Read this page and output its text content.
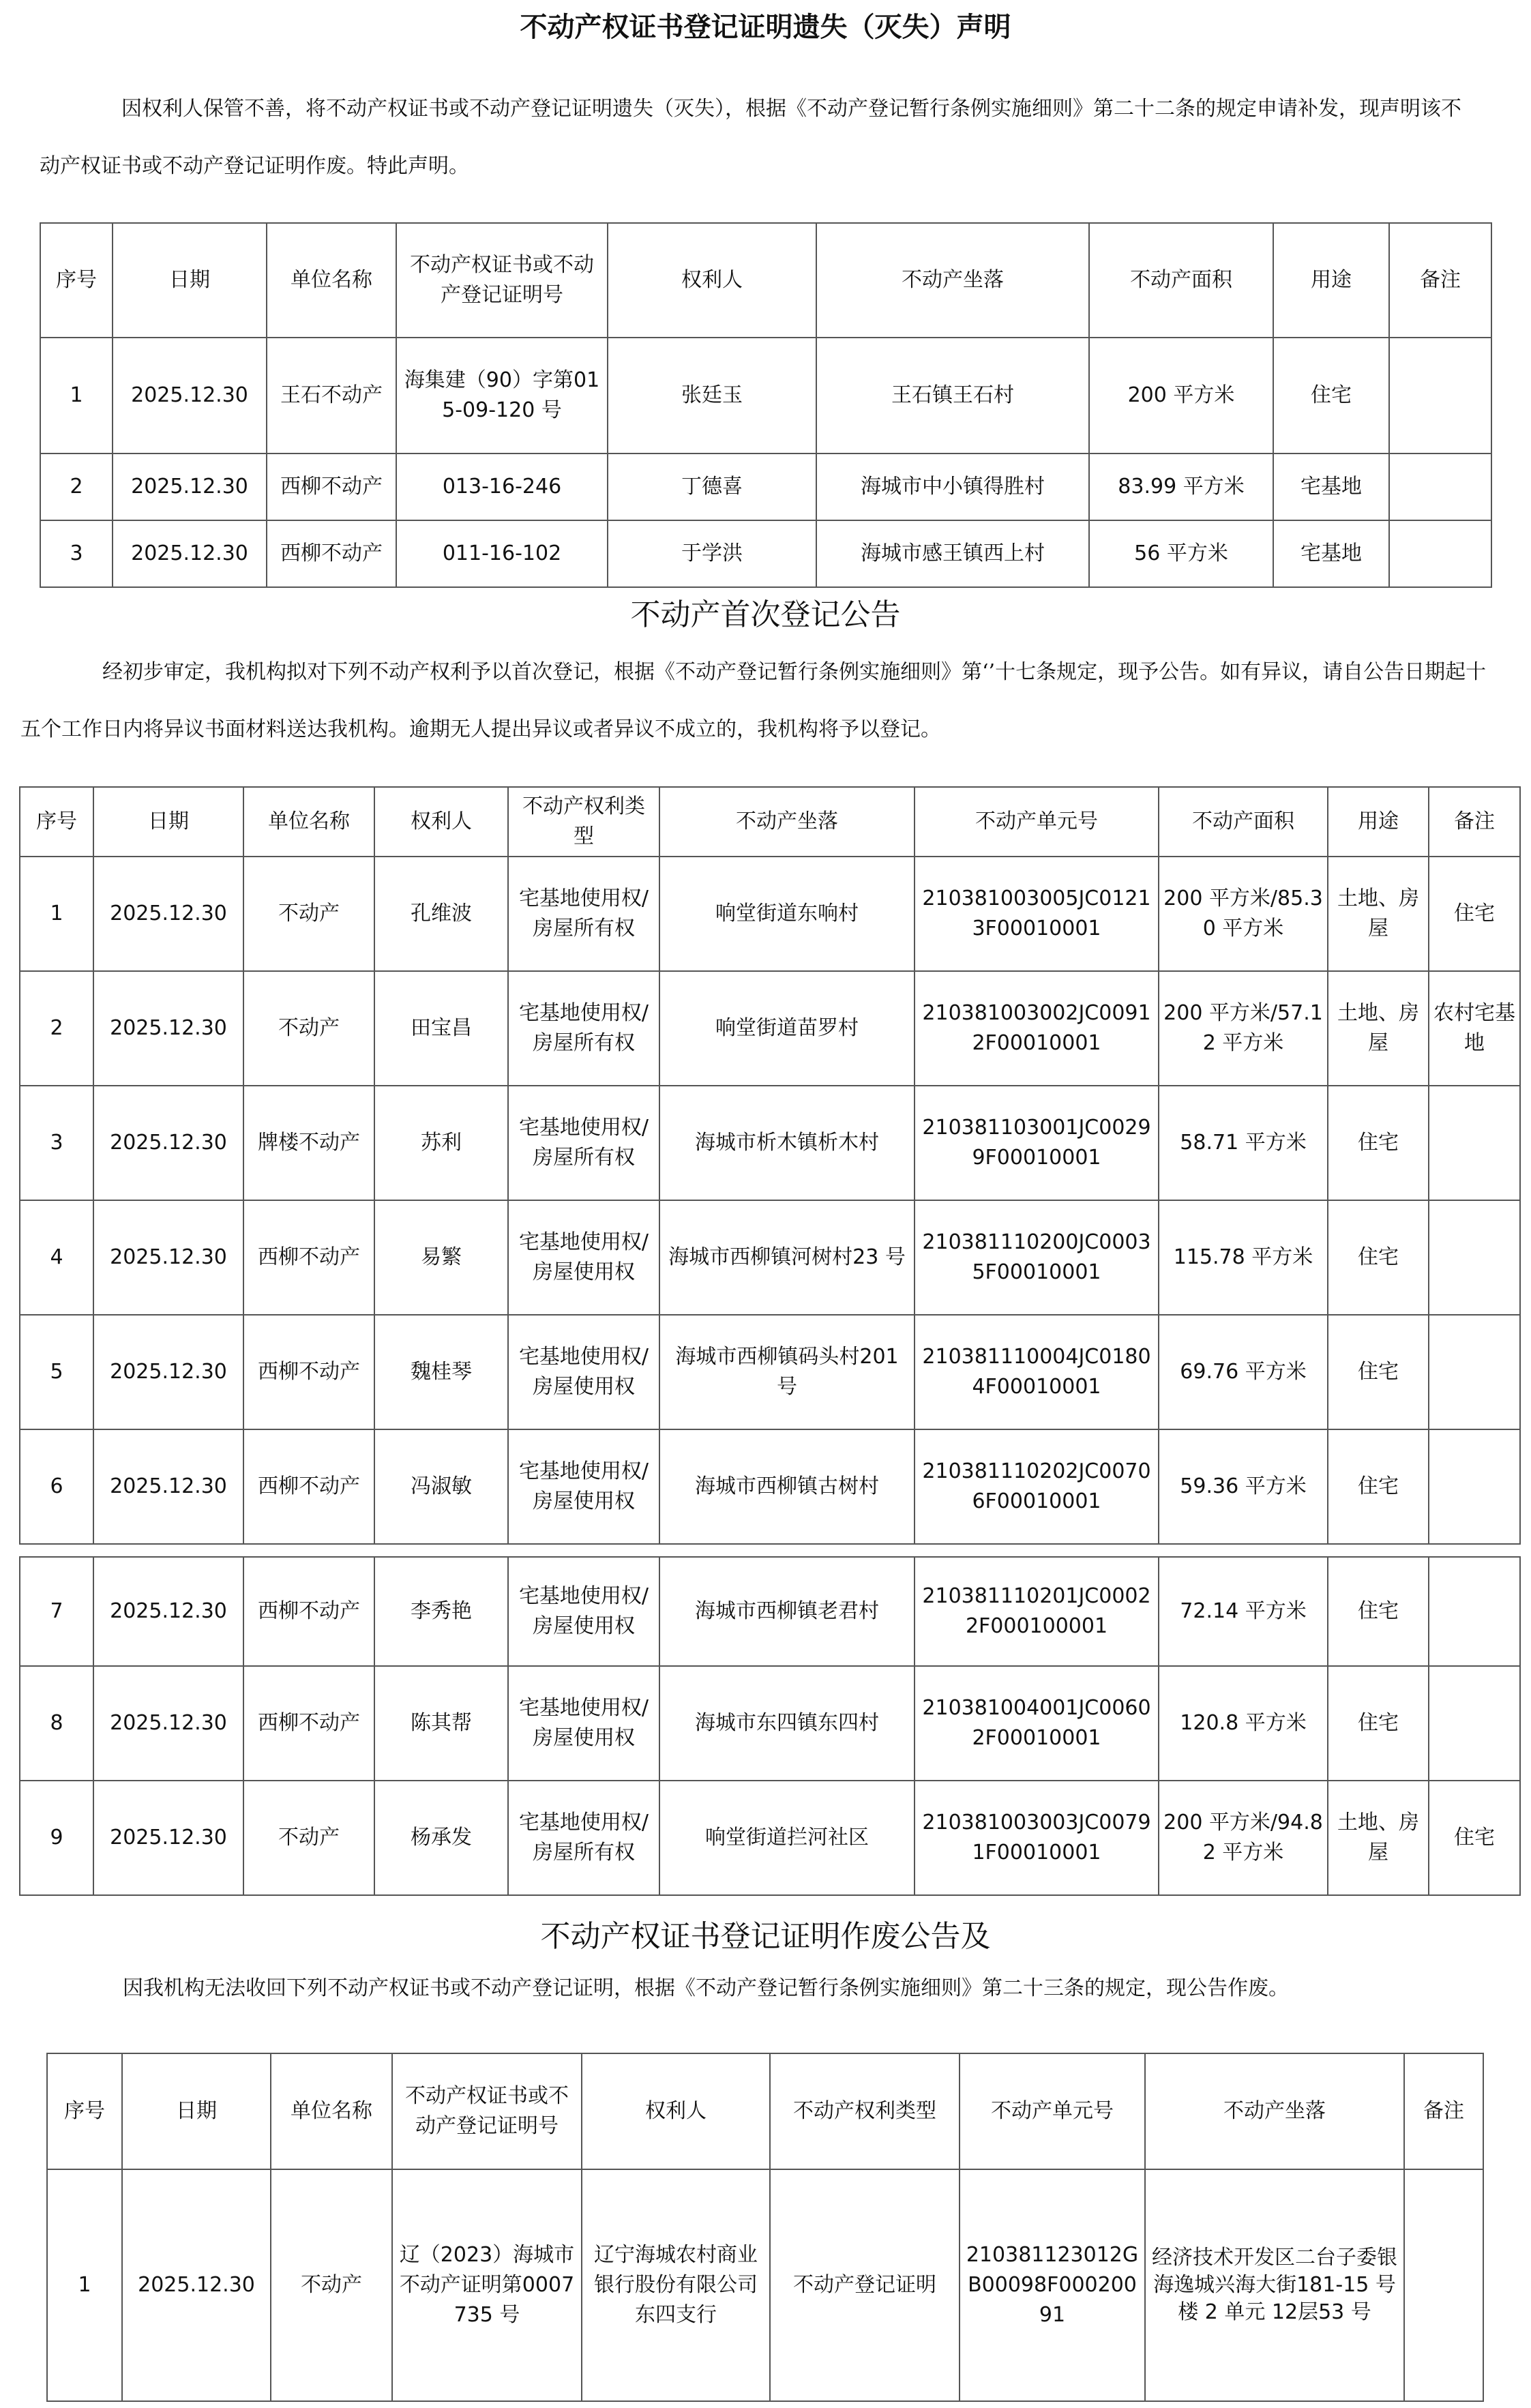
不动产权证书登记证明遗失（灭失）声明

因权利人保管不善，将不动产权证书或不动产登记证明遗失（灭失），根据《不动产登记暂行条例实施细则》第二十二条的规定申请补发，现声明该不动产权证书或不动产登记证明作废。特此声明。

序号	日期	单位名称	不动产权证书或不动产登记证明号	权利人	不动产坐落	不动产面积	用途	备注
1	2025.12.30	王石不动产	海集建（90）字第015-09-120 号	张廷玉	王石镇王石村	200 平方米	住宅	
2	2025.12.30	西柳不动产	013-16-246	丁德喜	海城市中小镇得胜村	83.99 平方米	宅基地	
3	2025.12.30	西柳不动产	011-16-102	于学洪	海城市感王镇西上村	56 平方米	宅基地	
不动产首次登记公告

经初步审定，我机构拟对下列不动产权利予以首次登记，根据《不动产登记暂行条例实施细则》第‘’十七条规定，现予公告。如有异议，请自公告日期起十五个工作日内将异议书面材料送达我机构。逾期无人提出异议或者异议不成立的，我机构将予以登记。

序号	日期	单位名称	权利人	不动产权利类型	不动产坐落	不动产单元号	不动产面积	用途	备注
1	2025.12.30	不动产	孔维波	宅基地使用权/房屋所有权	响堂街道东响村	210381003005JC01213F00010001	200 平方米/85.30 平方米	土地、房屋	住宅
2	2025.12.30	不动产	田宝昌	宅基地使用权/房屋所有权	响堂街道苗罗村	210381003002JC00912F00010001	200 平方米/57.12 平方米	土地、房屋	农村宅基地
3	2025.12.30	牌楼不动产	苏利	宅基地使用权/房屋所有权	海城市析木镇析木村	210381103001JC00299F00010001	58.71 平方米	住宅	
4	2025.12.30	西柳不动产	易繁	宅基地使用权/房屋使用权	海城市西柳镇河树村23 号	210381110200JC00035F00010001	115.78 平方米	住宅	
5	2025.12.30	西柳不动产	魏桂琴	宅基地使用权/房屋使用权	海城市西柳镇码头村201 号	210381110004JC01804F00010001	69.76 平方米	住宅	
6	2025.12.30	西柳不动产	冯淑敏	宅基地使用权/房屋使用权	海城市西柳镇古树村	210381110202JC00706F00010001	59.36 平方米	住宅	
7	2025.12.30	西柳不动产	李秀艳	宅基地使用权/房屋使用权	海城市西柳镇老君村	210381110201JC00022F000100001	72.14 平方米	住宅	
8	2025.12.30	西柳不动产	陈其帮	宅基地使用权/房屋使用权	海城市东四镇东四村	210381004001JC00602F00010001	120.8 平方米	住宅	
9	2025.12.30	不动产	杨承发	宅基地使用权/房屋所有权	响堂街道拦河社区	210381003003JC00791F00010001	200 平方米/94.82 平方米	土地、房屋	住宅
不动产权证书登记证明作废公告及

因我机构无法收回下列不动产权证书或不动产登记证明，根据《不动产登记暂行条例实施细则》第二十三条的规定，现公告作废。

序号	日期	单位名称	不动产权证书或不动产登记证明号	权利人	不动产权利类型	不动产单元号	不动产坐落	备注
1	2025.12.30	不动产	辽（2023）海城市不动产证明第0007735 号	辽宁海城农村商业银行股份有限公司东四支行	不动产登记证明	210381123012GB00098F00020091	经济技术开发区二台子委银海逸城兴海大街181-15 号楼 2 单元 12层53 号	
